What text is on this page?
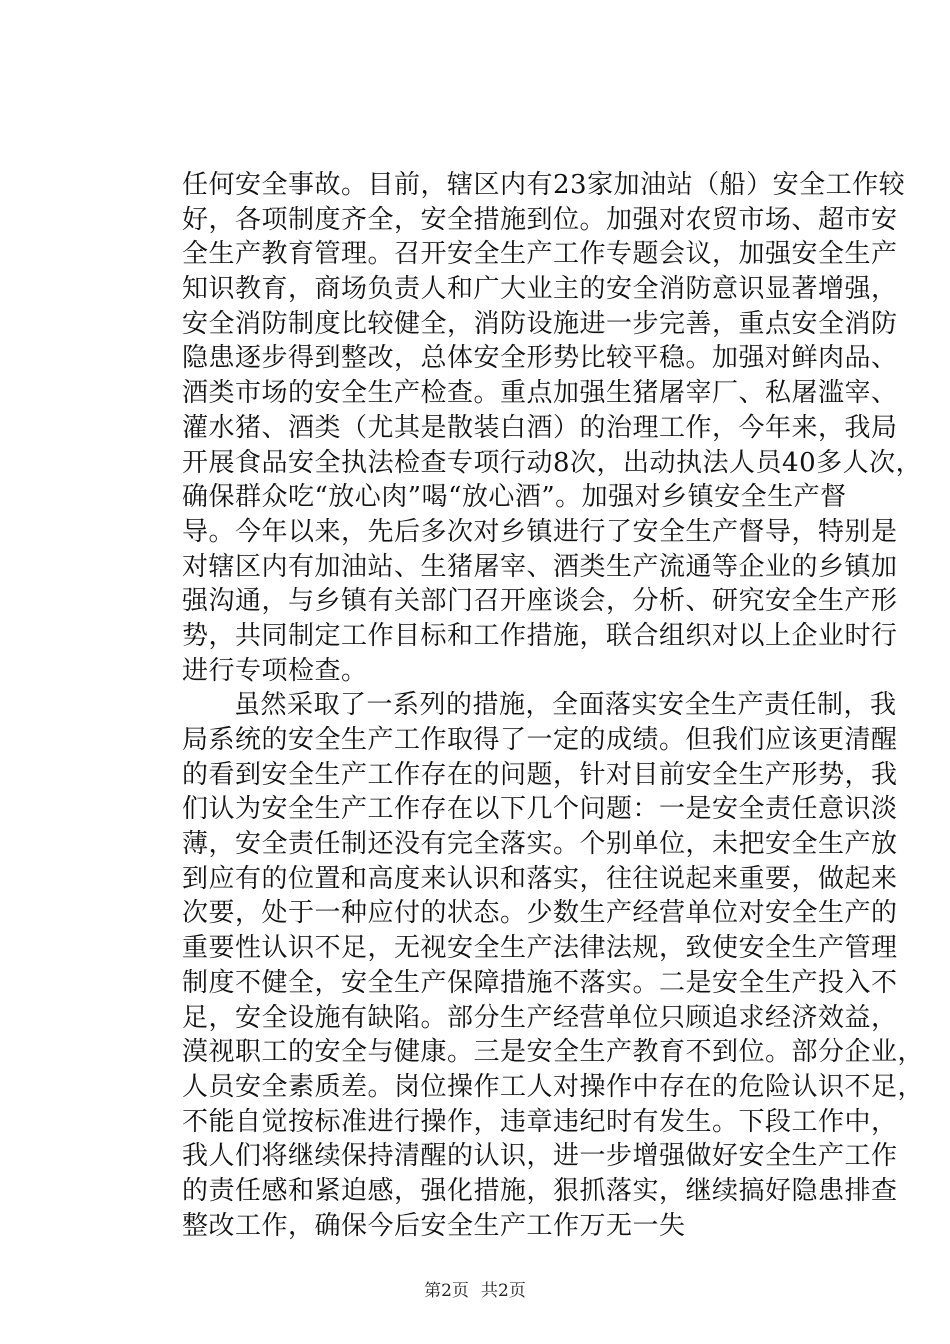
任何安全事故。目前，辖区内有23家加油站（船）安全工作较
好，各项制度齐全，安全措施到位。加强对农贸市场、超市安
全生产教育管理。召开安全生产工作专题会议，加强安全生产
知识教育，商场负责人和广大业主的安全消防意识显著增强，
安全消防制度比较健全，消防设施进一步完善，重点安全消防
隐患逐步得到整改，总体安全形势比较平稳。加强对鲜肉品、
酒类市场的安全生产检查。重点加强生猪屠宰厂、私屠滥宰、
灌水猪、酒类（尤其是散装白酒）的治理工作，今年来，我局
开展食品安全执法检查专项行动8次，出动执法人员40多人次，
确保群众吃“放心肉”喝“放心酒”。加强对乡镇安全生产督
导。今年以来，先后多次对乡镇进行了安全生产督导，特别是
对辖区内有加油站、生猪屠宰、酒类生产流通等企业的乡镇加
强沟通，与乡镇有关部门召开座谈会，分析、研究安全生产形
势，共同制定工作目标和工作措施，联合组织对以上企业时行
进行专项检查。
虽然采取了一系列的措施，全面落实安全生产责任制，我
局系统的安全生产工作取得了一定的成绩。但我们应该更清醒
的看到安全生产工作存在的问题，针对目前安全生产形势，我
们认为安全生产工作存在以下几个问题：一是安全责任意识淡
薄，安全责任制还没有完全落实。个别单位，未把安全生产放
到应有的位置和高度来认识和落实，往往说起来重要，做起来
次要，处于一种应付的状态。少数生产经营单位对安全生产的
重要性认识不足，无视安全生产法律法规，致使安全生产管理
制度不健全，安全生产保障措施不落实。二是安全生产投入不
足，安全设施有缺陷。部分生产经营单位只顾追求经济效益，
漠视职工的安全与健康。三是安全生产教育不到位。部分企业，
人员安全素质差。岗位操作工人对操作中存在的危险认识不足，
不能自觉按标准进行操作，违章违纪时有发生。下段工作中，
我人们将继续保持清醒的认识，进一步增强做好安全生产工作
的责任感和紧迫感，强化措施，狠抓落实，继续搞好隐患排查
整改工作，确保今后安全生产工作万无一失
第2页 共2页
